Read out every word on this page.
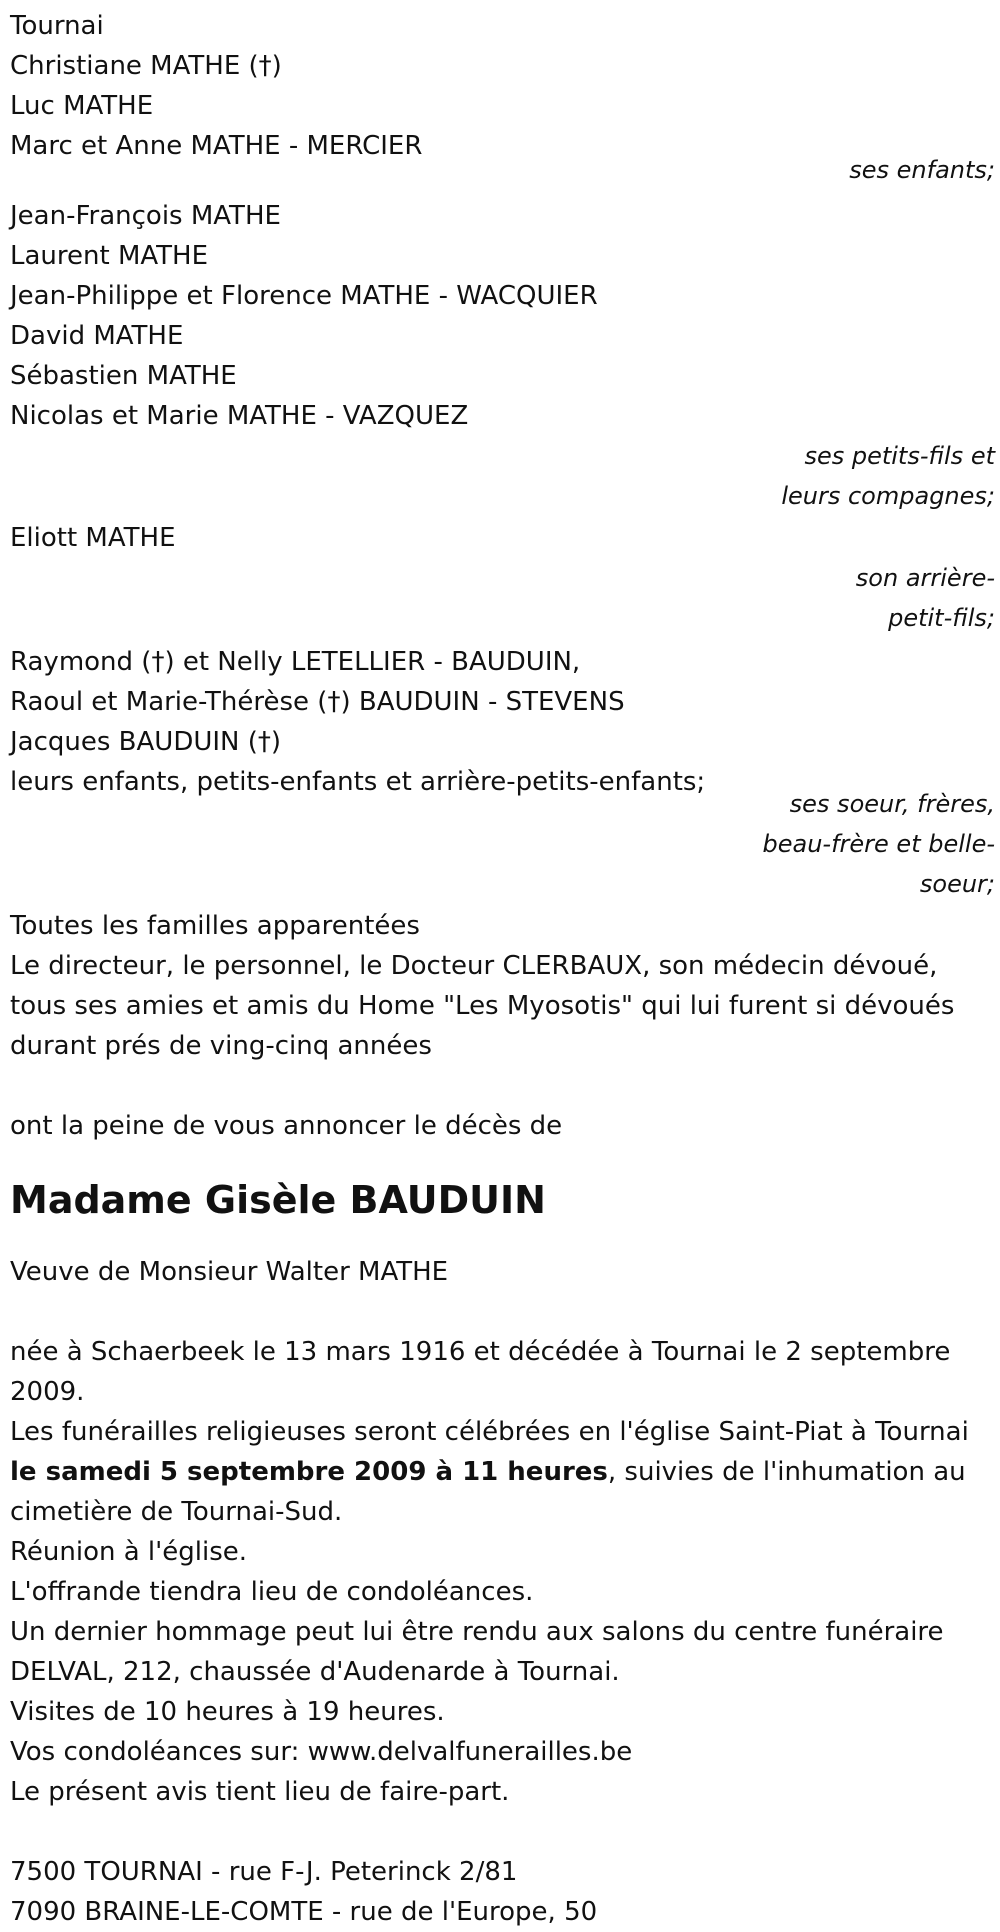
Tournai
Christiane MATHE (†)
Luc MATHE
Marc et Anne MATHE - MERCIER
ses enfants;
Jean-François MATHE
Laurent MATHE
Jean-Philippe et Florence MATHE - WACQUIER
David MATHE
Sébastien MATHE
Nicolas et Marie MATHE - VAZQUEZ
ses petits-fils et
leurs compagnes;
Eliott MATHE
son arrière-
petit-fils;
Raymond (†) et Nelly LETELLIER - BAUDUIN,
Raoul et Marie-Thérèse (†) BAUDUIN - STEVENS
Jacques BAUDUIN (†)
leurs enfants, petits-enfants et arrière-petits-enfants;
ses soeur, frères,
beau-frère et belle-
soeur;
Toutes les familles apparentées
Le directeur, le personnel, le Docteur CLERBAUX, son médecin dévoué, tous ses amies et amis du Home "Les Myosotis" qui lui furent si dévoués durant prés de ving-cinq années
ont la peine de vous annoncer le décès de
Madame Gisèle BAUDUIN
Veuve de Monsieur Walter MATHE
née à Schaerbeek le 13 mars 1916 et décédée à Tournai le 2 septembre 2009.
Les funérailles religieuses seront célébrées en l'église Saint-Piat à Tournai le samedi 5 septembre 2009 à 11 heures, suivies de l'inhumation au cimetière de Tournai-Sud.
Réunion à l'église.
L'offrande tiendra lieu de condoléances.
Un dernier hommage peut lui être rendu aux salons du centre funéraire DELVAL, 212, chaussée d'Audenarde à Tournai.
Visites de 10 heures à 19 heures.
Vos condoléances sur: www.delvalfunerailles.be
Le présent avis tient lieu de faire-part.
7500 TOURNAI - rue F-J. Peterinck 2/81
7090 BRAINE-LE-COMTE - rue de l'Europe, 50
